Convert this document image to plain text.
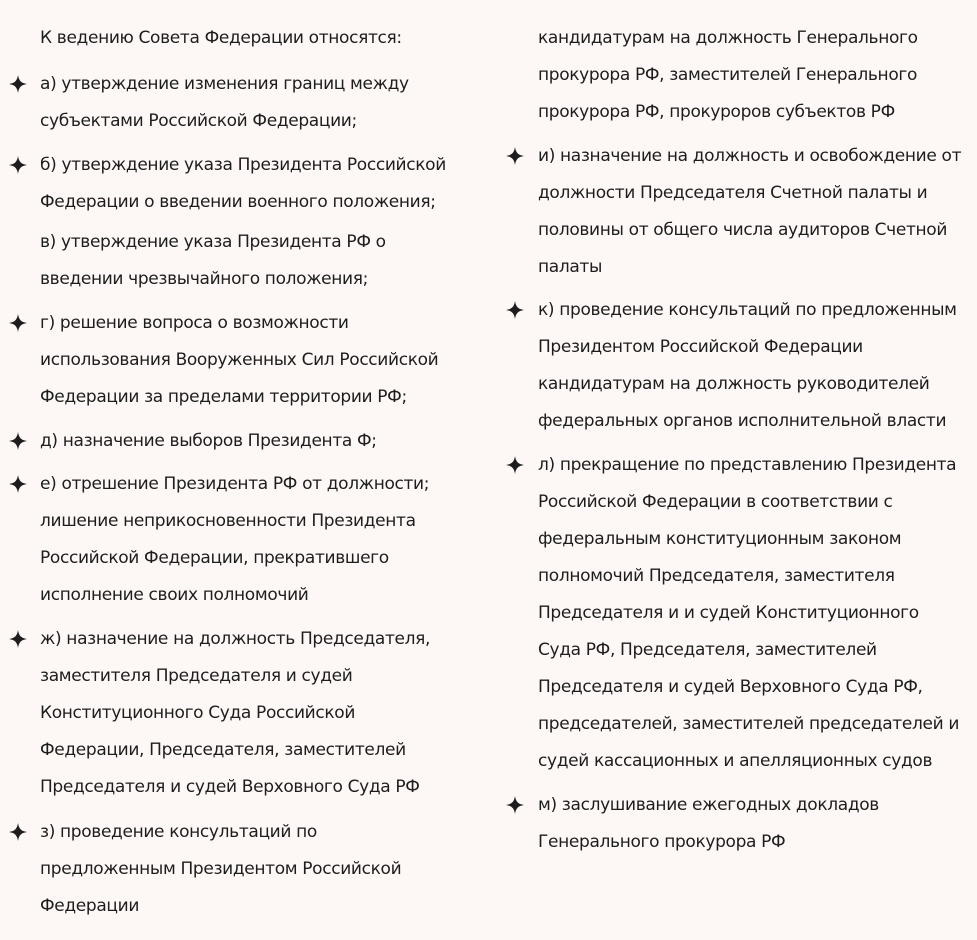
К ведению Совета Федерации относятся:
а) утверждение изменения границ между
субъектами Российской Федерации;
б) утверждение указа Президента Российской
Федерации о введении военного положения;
в) утверждение указа Президента РФ о
введении чрезвычайного положения;
г) решение вопроса о возможности
использования Вооруженных Сил Российской
Федерации за пределами территории РФ;
д) назначение выборов Президента Ф;
е) отрешение Президента РФ от должности;
лишение неприкосновенности Президента
Российской Федерации, прекратившего
исполнение своих полномочий
ж) назначение на должность Председателя,
заместителя Председателя и судей
Конституционного Суда Российской
Федерации, Председателя, заместителей
Председателя и судей Верховного Суда РФ
з) проведение консультаций по
предложенным Президентом Российской
Федерации
кандидатурам на должность Генерального
прокурора РФ, заместителей Генерального
прокурора РФ, прокуроров субъектов РФ
и) назначение на должность и освобождение от
должности Председателя Счетной палаты и
половины от общего числа аудиторов Счетной
палаты
к) проведение консультаций по предложенным
Президентом Российской Федерации
кандидатурам на должность руководителей
федеральных органов исполнительной власти
л) прекращение по представлению Президента
Российской Федерации в соответствии с
федеральным конституционным законом
полномочий Председателя, заместителя
Председателя и и судей Конституционного
Суда РФ, Председателя, заместителей
Председателя и судей Верховного Суда РФ,
председателей, заместителей председателей и
судей кассационных и апелляционных судов
м) заслушивание ежегодных докладов
Генерального прокурора РФ
